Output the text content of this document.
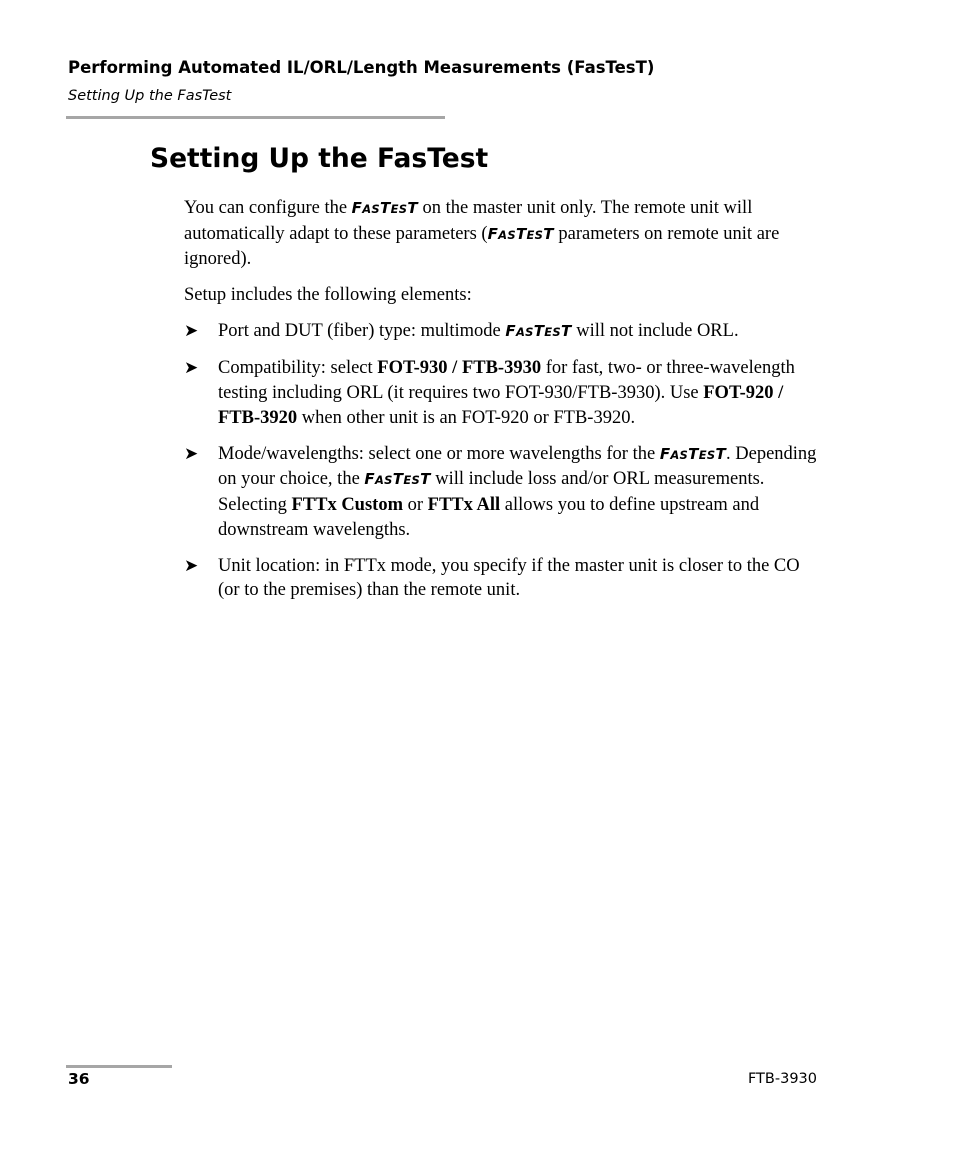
Performing Automated IL/ORL/Length Measurements (FasTesT)
Setting Up the FasTest
Setting Up the FasTest

You can configure the FASTEST on the master unit only. The remote unit will automatically adapt to these parameters (FASTEST parameters on remote unit are ignored).

Setup includes the following elements:

➤ Port and DUT (fiber) type: multimode FASTEST will not include ORL.
➤ Compatibility: select FOT-930 / FTB-3930 for fast, two- or three-wavelength testing including ORL (it requires two FOT-930/FTB-3930). Use FOT-920 / FTB-3920 when other unit is an FOT-920 or FTB-3920.
➤ Mode/wavelengths: select one or more wavelengths for the FASTEST. Depending on your choice, the FASTEST will include loss and/or ORL measurements. Selecting FTTx Custom or FTTx All allows you to define upstream and downstream wavelengths.
➤ Unit location: in FTTx mode, you specify if the master unit is closer to the CO (or to the premises) than the remote unit.
36	FTB-3930
